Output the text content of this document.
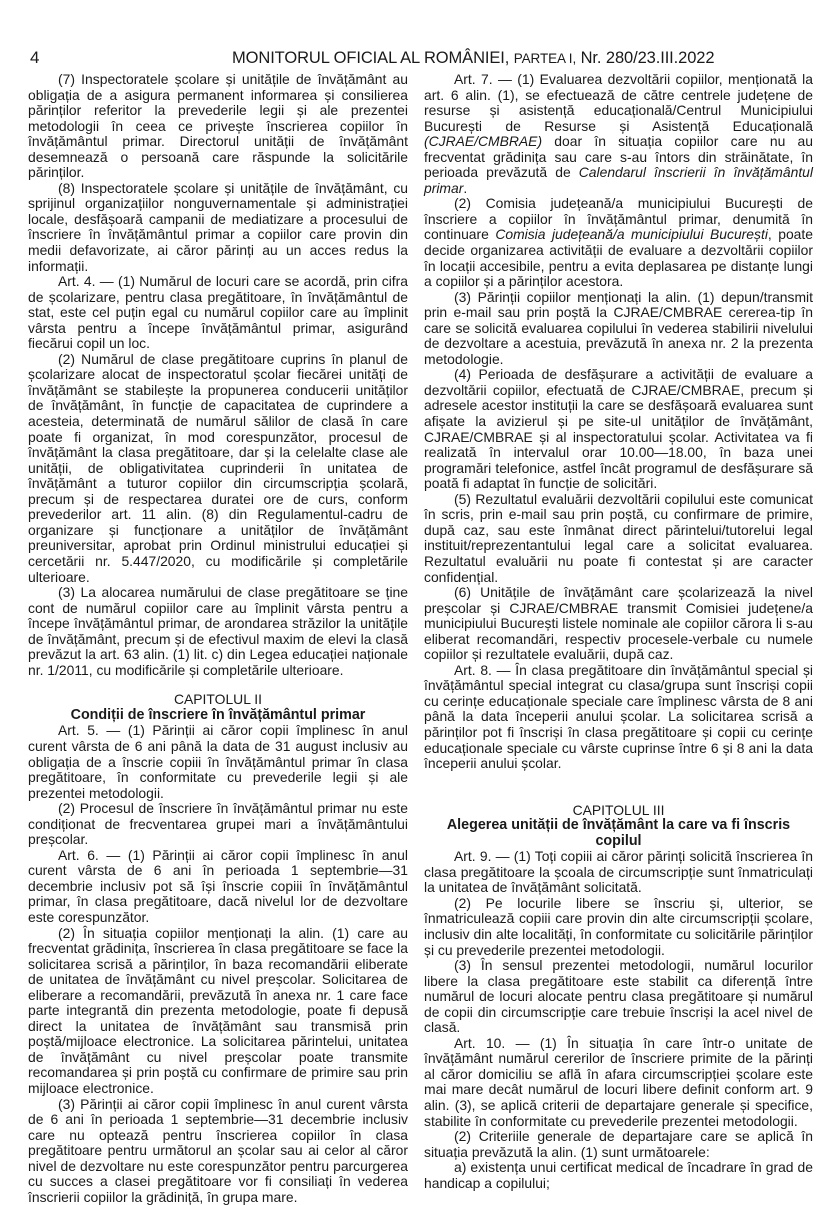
4	MONITORUL OFICIAL AL ROMÂNIEI, PARTEA I, Nr. 280/23.III.2022

(7) Inspectoratele școlare și unitățile de învățământ au obligația de a asigura permanent informarea și consilierea părinților referitor la prevederile legii și ale prezentei metodologii în ceea ce privește înscrierea copiilor în învățământul primar. Directorul unității de învățământ desemnează o persoană care răspunde la solicitările părinților.

(8) Inspectoratele școlare și unitățile de învățământ, cu sprijinul organizațiilor nonguvernamentale și administrației locale, desfășoară campanii de mediatizare a procesului de înscriere în învățământul primar a copiilor care provin din medii defavorizate, ai căror părinți au un acces redus la informații.

Art. 4. — (1) Numărul de locuri care se acordă, prin cifra de școlarizare, pentru clasa pregătitoare, în învățământul de stat, este cel puțin egal cu numărul copiilor care au împlinit vârsta pentru a începe învățământul primar, asigurând fiecărui copil un loc.

(2) Numărul de clase pregătitoare cuprins în planul de școlarizare alocat de inspectoratul școlar fiecărei unități de învățământ se stabilește la propunerea conducerii unităților de învățământ, în funcție de capacitatea de cuprindere a acesteia, determinată de numărul sălilor de clasă în care poate fi organizat, în mod corespunzător, procesul de învățământ la clasa pregătitoare, dar și la celelalte clase ale unității, de obligativitatea cuprinderii în unitatea de învățământ a tuturor copiilor din circumscripția școlară, precum și de respectarea duratei ore de curs, conform prevederilor art. 11 alin. (8) din Regulamentul-cadru de organizare și funcționare a unităților de învățământ preuniversitar, aprobat prin Ordinul ministrului educației și cercetării nr. 5.447/2020, cu modificările și completările ulterioare.

(3) La alocarea numărului de clase pregătitoare se ține cont de numărul copiilor care au împlinit vârsta pentru a începe învățământul primar, de arondarea străzilor la unitățile de învățământ, precum și de efectivul maxim de elevi la clasă prevăzut la art. 63 alin. (1) lit. c) din Legea educației naționale nr. 1/2011, cu modificările și completările ulterioare.

CAPITOLUL II

Condiții de înscriere în învățământul primar

Art. 5. — (1) Părinții ai căror copii împlinesc în anul curent vârsta de 6 ani până la data de 31 august inclusiv au obligația de a înscrie copiii în învățământul primar în clasa pregătitoare, în conformitate cu prevederile legii și ale prezentei metodologii.

(2) Procesul de înscriere în învățământul primar nu este condiționat de frecventarea grupei mari a învățământului preșcolar.

Art. 6. — (1) Părinții ai căror copii împlinesc în anul curent vârsta de 6 ani în perioada 1 septembrie—31 decembrie inclusiv pot să își înscrie copiii în învățământul primar, în clasa pregătitoare, dacă nivelul lor de dezvoltare este corespunzător.

(2) În situația copiilor menționați la alin. (1) care au frecventat grădinița, înscrierea în clasa pregătitoare se face la solicitarea scrisă a părinților, în baza recomandării eliberate de unitatea de învățământ cu nivel preșcolar. Solicitarea de eliberare a recomandării, prevăzută în anexa nr. 1 care face parte integrantă din prezenta metodologie, poate fi depusă direct la unitatea de învățământ sau transmisă prin poștă/mijloace electronice. La solicitarea părintelui, unitatea de învățământ cu nivel preșcolar poate transmite recomandarea și prin poștă cu confirmare de primire sau prin mijloace electronice.

(3) Părinții ai căror copii împlinesc în anul curent vârsta de 6 ani în perioada 1 septembrie—31 decembrie inclusiv care nu optează pentru înscrierea copiilor în clasa pregătitoare pentru următorul an școlar sau ai celor al căror nivel de dezvoltare nu este corespunzător pentru parcurgerea cu succes a clasei pregătitoare vor fi consiliați în vederea înscrierii copiilor la grădiniță, în grupa mare.

Art. 7. — (1) Evaluarea dezvoltării copiilor, menționată la art. 6 alin. (1), se efectuează de către centrele județene de resurse și asistență educațională/Centrul Municipiului București de Resurse și Asistență Educațională (CJRAE/CMBRAE) doar în situația copiilor care nu au frecventat grădinița sau care s-au întors din străinătate, în perioada prevăzută de Calendarul înscrierii în învățământul primar.

(2) Comisia județeană/a municipiului București de înscriere a copiilor în învățământul primar, denumită în continuare Comisia județeană/a municipiului București, poate decide organizarea activității de evaluare a dezvoltării copiilor în locații accesibile, pentru a evita deplasarea pe distanțe lungi a copiilor și a părinților acestora.

(3) Părinții copiilor menționați la alin. (1) depun/transmit prin e-mail sau prin poștă la CJRAE/CMBRAE cererea-tip în care se solicită evaluarea copilului în vederea stabilirii nivelului de dezvoltare a acestuia, prevăzută în anexa nr. 2 la prezenta metodologie.

(4) Perioada de desfășurare a activității de evaluare a dezvoltării copiilor, efectuată de CJRAE/CMBRAE, precum și adresele acestor instituții la care se desfășoară evaluarea sunt afișate la avizierul și pe site-ul unităților de învățământ, CJRAE/CMBRAE și al inspectoratului școlar. Activitatea va fi realizată în intervalul orar 10.00—18.00, în baza unei programări telefonice, astfel încât programul de desfășurare să poată fi adaptat în funcție de solicitări.

(5) Rezultatul evaluării dezvoltării copilului este comunicat în scris, prin e-mail sau prin poștă, cu confirmare de primire, după caz, sau este înmânat direct părintelui/tutorelui legal instituit/reprezentantului legal care a solicitat evaluarea. Rezultatul evaluării nu poate fi contestat și are caracter confidențial.

(6) Unitățile de învățământ care școlarizează la nivel preșcolar și CJRAE/CMBRAE transmit Comisiei județene/a municipiului București listele nominale ale copiilor cărora li s-au eliberat recomandări, respectiv procesele-verbale cu numele copiilor și rezultatele evaluării, după caz.

Art. 8. — În clasa pregătitoare din învățământul special și învățământul special integrat cu clasa/grupa sunt înscriși copii cu cerințe educaționale speciale care împlinesc vârsta de 8 ani până la data începerii anului școlar. La solicitarea scrisă a părinților pot fi înscriși în clasa pregătitoare și copii cu cerințe educaționale speciale cu vârste cuprinse între 6 și 8 ani la data începerii anului școlar.

CAPITOLUL III

Alegerea unității de învățământ la care va fi înscris copilul

Art. 9. — (1) Toți copiii ai căror părinți solicită înscrierea în clasa pregătitoare la școala de circumscripție sunt înmatriculați la unitatea de învățământ solicitată.

(2) Pe locurile libere se înscriu și, ulterior, se înmatriculează copiii care provin din alte circumscripții școlare, inclusiv din alte localități, în conformitate cu solicitările părinților și cu prevederile prezentei metodologii.

(3) În sensul prezentei metodologii, numărul locurilor libere la clasa pregătitoare este stabilit ca diferență între numărul de locuri alocate pentru clasa pregătitoare și numărul de copii din circumscripție care trebuie înscriși la acel nivel de clasă.

Art. 10. — (1) În situația în care într-o unitate de învățământ numărul cererilor de înscriere primite de la părinți al căror domiciliu se află în afara circumscripției școlare este mai mare decât numărul de locuri libere definit conform art. 9 alin. (3), se aplică criterii de departajare generale și specifice, stabilite în conformitate cu prevederile prezentei metodologii.

(2) Criteriile generale de departajare care se aplică în situația prevăzută la alin. (1) sunt următoarele:

a) existența unui certificat medical de încadrare în grad de handicap a copilului;
